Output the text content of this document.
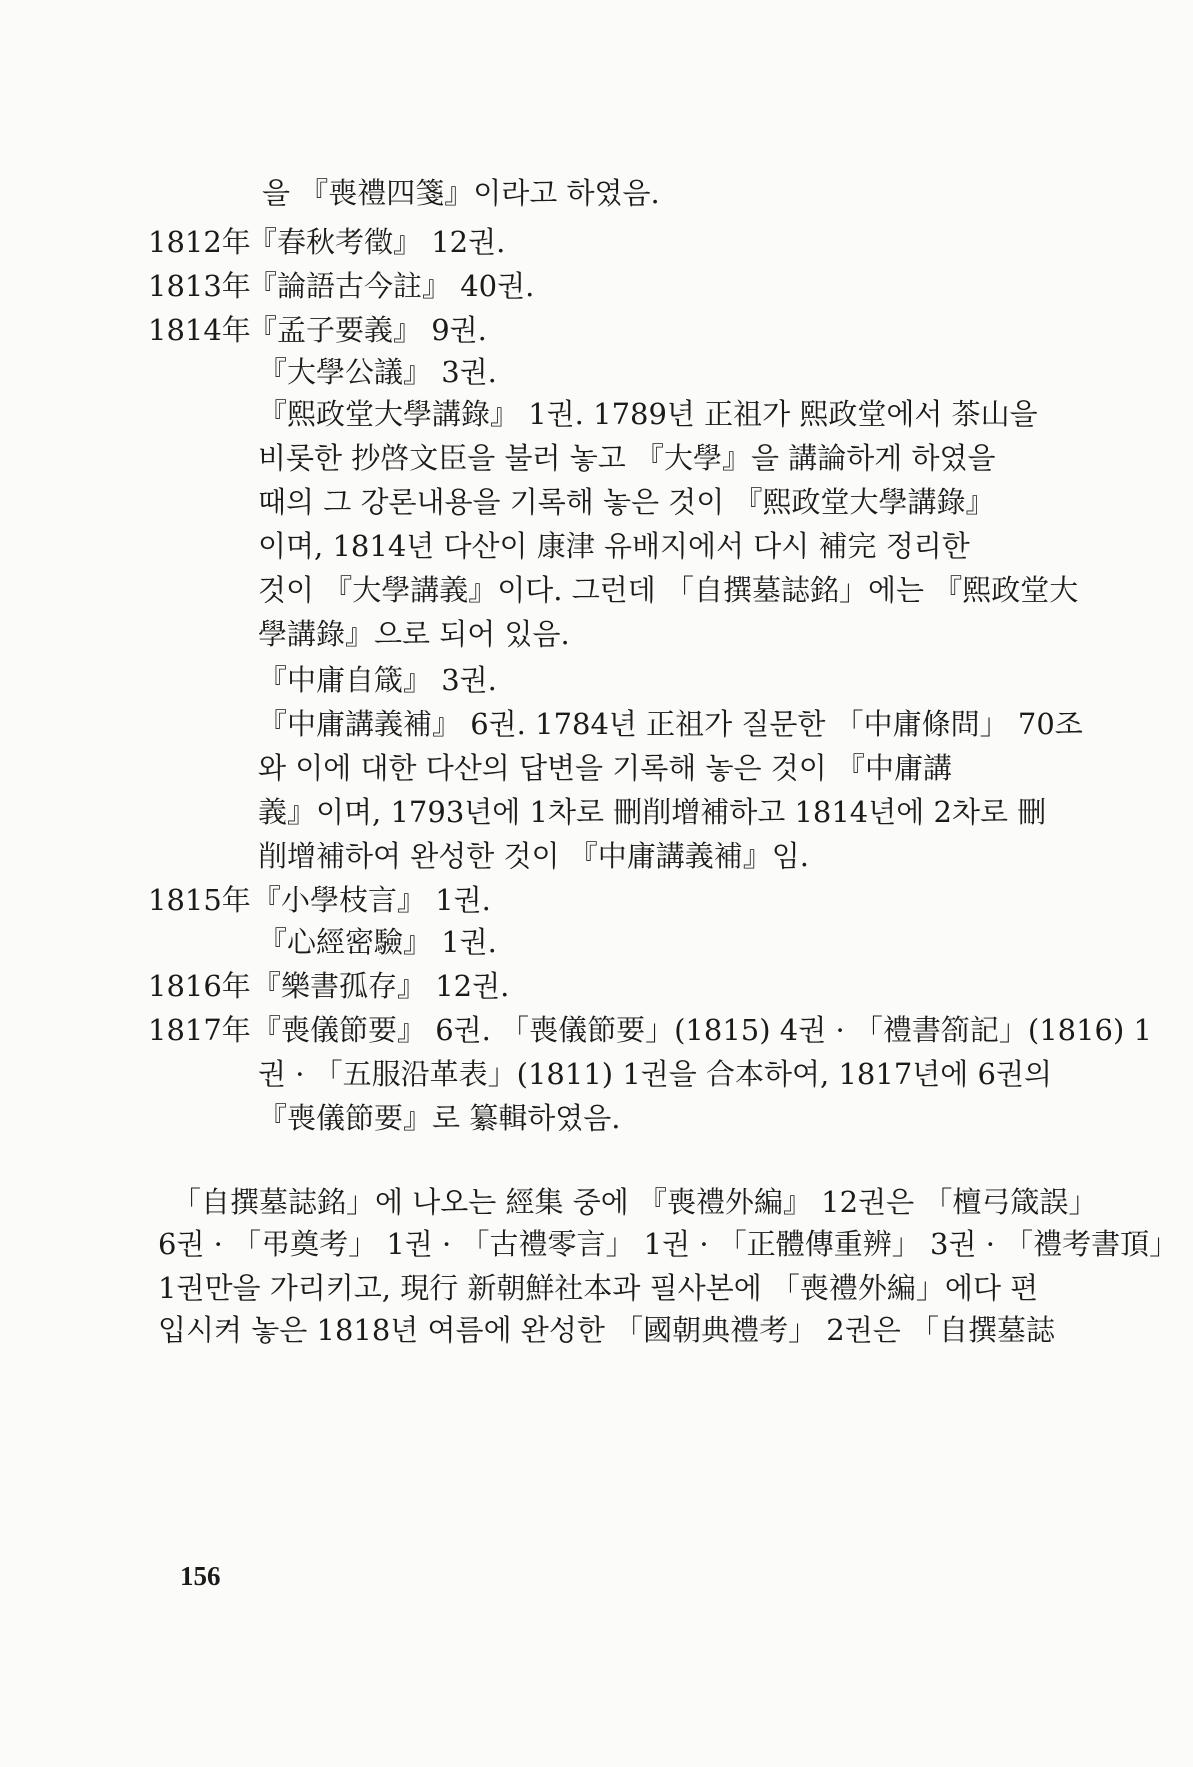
을 『喪禮四箋』이라고 하였음.
1812年
『春秋考徵』 12권.
1813年
『論語古今註』 40권.
1814年
『孟子要義』 9권.
『大學公議』 3권.
『熙政堂大學講錄』 1권. 1789년 正祖가 熙政堂에서 茶山을
비롯한 抄啓文臣을 불러 놓고 『大學』을 講論하게 하였을
때의 그 강론내용을 기록해 놓은 것이 『熙政堂大學講錄』
이며, 1814년 다산이 康津 유배지에서 다시 補完 정리한
것이 『大學講義』이다. 그런데 「自撰墓誌銘」에는 『熙政堂大
學講錄』으로 되어 있음.
『中庸自箴』 3권.
『中庸講義補』 6권. 1784년 正祖가 질문한 「中庸條問」 70조
와 이에 대한 다산의 답변을 기록해 놓은 것이 『中庸講
義』이며, 1793년에 1차로 刪削增補하고 1814년에 2차로 刪
削增補하여 완성한 것이 『中庸講義補』임.
1815年 『小學枝言』 1권.
『心經密驗』 1권.
1816年 『樂書孤存』 12권.
1817年 『喪儀節要』 6권. 「喪儀節要」(1815) 4권 · 「禮書箚記」(1816) 1
권 · 「五服沿革表」(1811) 1권을 合本하여, 1817년에 6권의
『喪儀節要』로 纂輯하였음.
「自撰墓誌銘」에 나오는 經集 중에 『喪禮外編』 12권은 「檀弓箴誤」
6권 · 「弔奠考」 1권 · 「古禮零言」 1권 · 「正體傳重辨」 3권 · 「禮考書頂」
1권만을 가리키고, 現行 新朝鮮社本과 필사본에 「喪禮外編」에다 편
입시켜 놓은 1818년 여름에 완성한 「國朝典禮考」 2권은 「自撰墓誌
156
